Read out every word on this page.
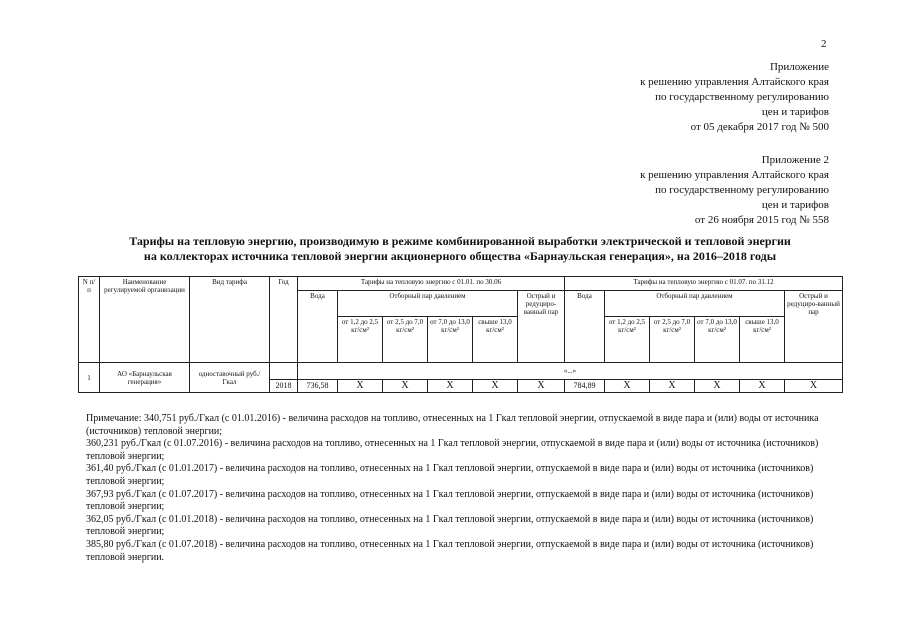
2
Приложение
к решению управления Алтайского края
по государственному регулированию
цен и тарифов
от 05 декабря 2017 год № 500
Приложение 2
к решению управления Алтайского края
по государственному регулированию
цен и тарифов
от 26 ноября 2015 год № 558
Тарифы на тепловую энергию, производимую в режиме комбинированной выработки электрической и тепловой энергии
на коллекторах источника тепловой энергии акционерного общества «Барнаульская генерация», на 2016–2018 годы
N п/п	Наименование регулируемой организации	Вид тарифа	Год	Тарифы на тепловую энергию с 01.01. по 30.06						Тарифы на тепловую энергию с 01.07. по 31.12					
				Вода	Отборный пар давлением				Острый и редуциро-ванный пар	Вода	Отборный пар давлением				Острый и редуциро-ванный пар
					от 1,2 до 2,5 кг/см²	от 2,5 до 7,0 кг/см²	от 7,0 до 13,0 кг/см²	свыше 13,0 кг/см²			от 1,2 до 2,5 кг/см²	от 2,5 до 7,0 кг/см²	от 7,0 до 13,0 кг/см²	свыше 13,0 кг/см²	
1	АО «Барнаульская генерация»	одноставочный руб./Гкал		«...»											
			2018	736,58	X	X	X	X	X	784,89	X	X	X	X	X

Примечание: 340,751 руб./Гкал (с 01.01.2016) - величина расходов на топливо, отнесенных на 1 Гкал тепловой энергии, отпускаемой в виде пара и (или) воды от источника (источников) тепловой энергии;

360,231 руб./Гкал (с 01.07.2016) - величина расходов на топливо, отнесенных на 1 Гкал тепловой энергии, отпускаемой в виде пара и (или) воды от источника (источников) тепловой энергии;

361,40 руб./Гкал (с 01.01.2017) - величина расходов на топливо, отнесенных на 1 Гкал тепловой энергии, отпускаемой в виде пара и (или) воды от источника (источников) тепловой энергии;

367,93 руб./Гкал (с 01.07.2017) - величина расходов на топливо, отнесенных на 1 Гкал тепловой энергии, отпускаемой в виде пара и (или) воды от источника (источников) тепловой энергии;

362,05 руб./Гкал (с 01.01.2018) - величина расходов на топливо, отнесенных на 1 Гкал тепловой энергии, отпускаемой в виде пара и (или) воды от источника (источников) тепловой энергии;

385,80 руб./Гкал (с 01.07.2018) - величина расходов на топливо, отнесенных на 1 Гкал тепловой энергии, отпускаемой в виде пара и (или) воды от источника (источников) тепловой энергии.
